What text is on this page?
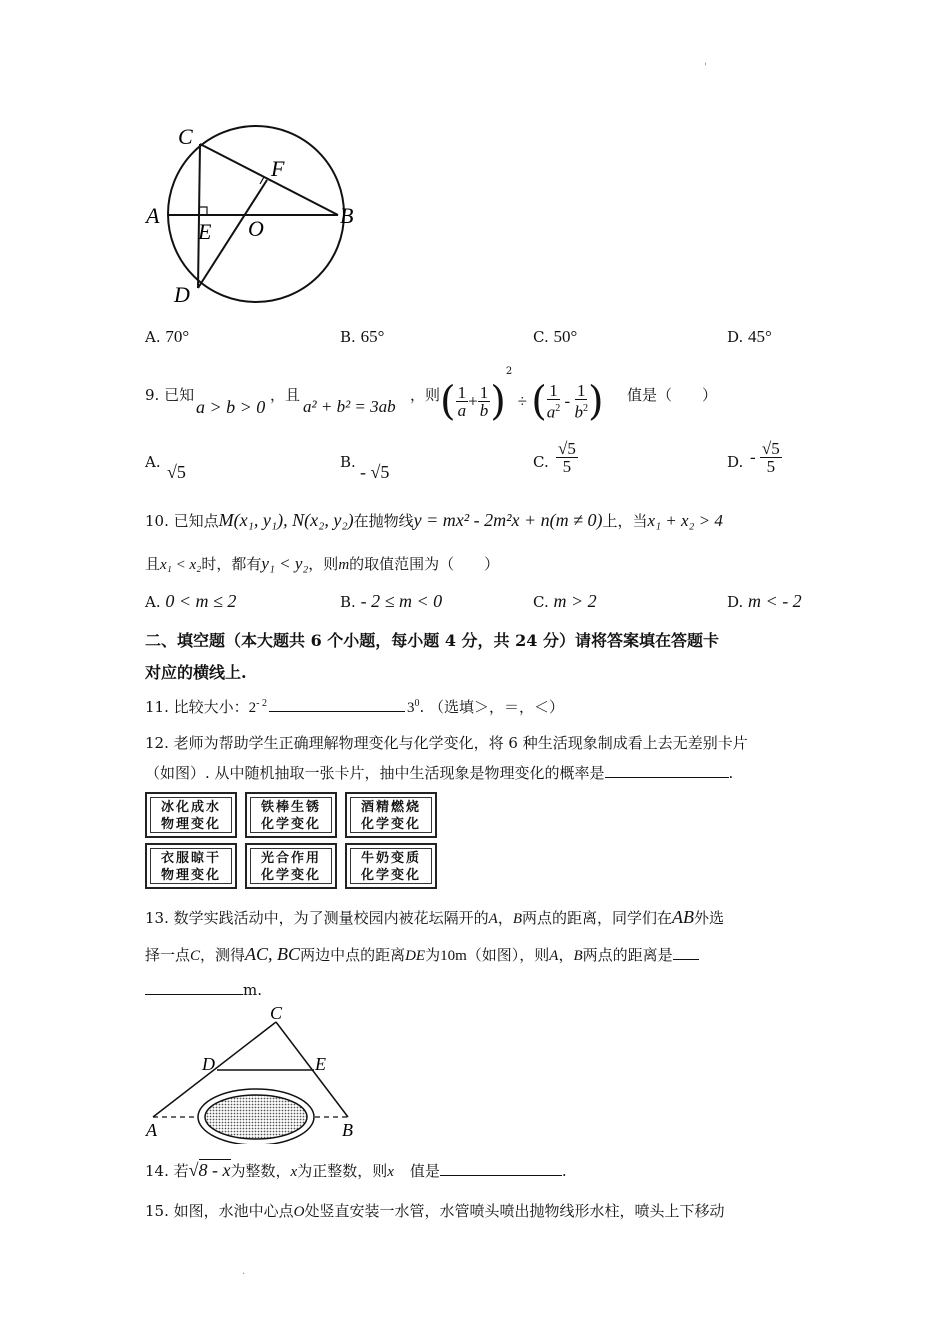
'
C
F
A
E O
B
D
A. 70°	B. 65°	C. 50°	D. 45°
9. 已知
a > b > 0
，且
a² + b² = 3ab
，则 ( $\frac{1}{a} + \frac{1}{b} )^2$ ÷ ( $\frac{1}{a^2} - \frac{1}{b^2}$ ) 值是（　　）
A. √5	B. - √5	C. $\frac{√5}{5}$	D. - $\frac{√5}{5}$
10. 已知点M(x₁, y₁), N(x₂, y₂)在抛物线y = mx² - 2m²x + n(m ≠ 0)上，当x₁ + x₂ > 4
且x₁ < x₂时，都有y₁ < y₂，则m的取值范围为（　　）
A. 0 < m ≤ 2	B. - 2 ≤ m < 0	C. m > 2	D. m < - 2
二、填空题（本大题共 6 个小题，每小题 4 分，共 24 分）请将答案填在答题卡
对应的横线上.
11. 比较大小：$2^{- 2}$	$3^0$. （选填＞，＝，＜）
12. 老师为帮助学生正确理解物理变化与化学变化，将 6 种生活现象制成看上去无差别卡片
（如图）. 从中随机抽取一张卡片，抽中生活现象是物理变化的概率是	.
冰化成水
物理变化
铁棒生锈
化学变化
酒精燃烧
化学变化
衣服晾干
物理变化
光合作用
化学变化
牛奶变质
化学变化
13. 数学实践活动中，为了测量校园内被花坛隔开的A，B两点的距离，同学们在AB外选
择一点C，测得AC, BC两边中点的距离DE为10m（如图），则A，B两点的距离是
m.
C
D	E
A	B
14. 若√8 - x为整数，x为正整数，则x 值是	.
15. 如图，水池中心点O处竖直安装一水管，水管喷头喷出抛物线形水柱，喷头上下移动
.
